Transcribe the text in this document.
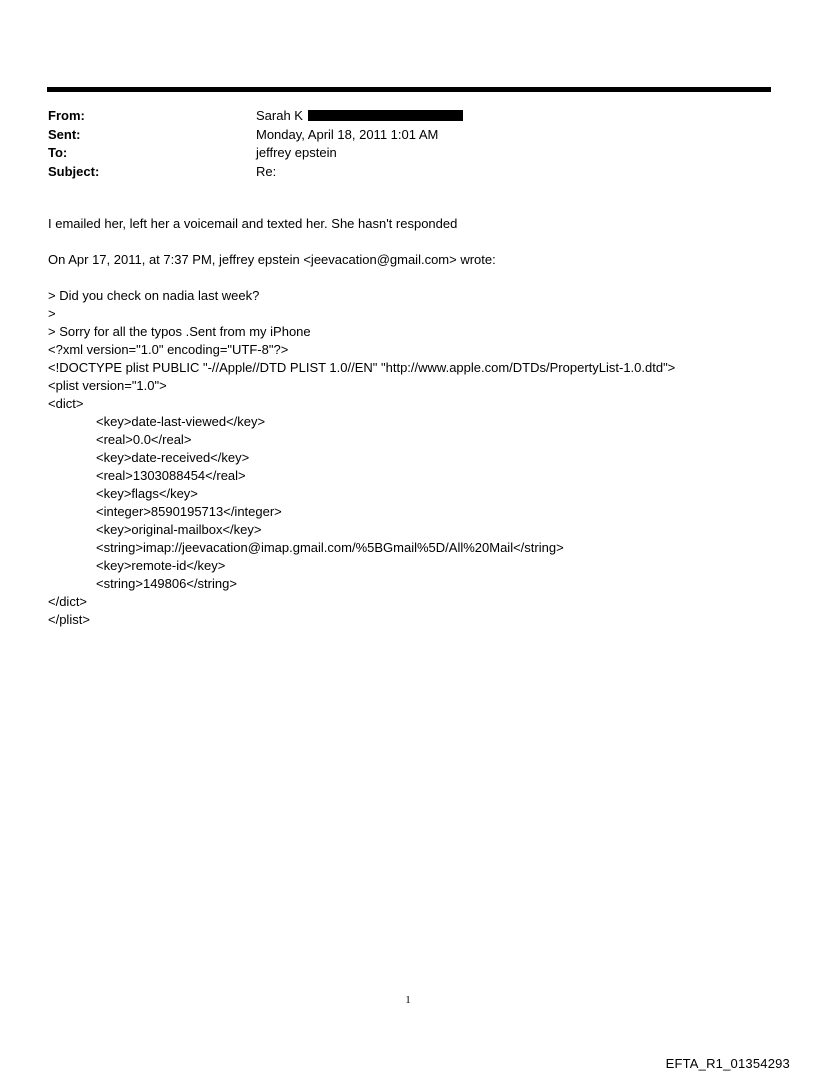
From:	Sarah K
Sent:	Monday, April 18, 2011 1:01 AM
To:	jeffrey epstein
Subject:	Re:
I emailed her, left her a voicemail and texted her. She hasn't responded
On Apr 17, 2011, at 7:37 PM, jeffrey epstein <jeevacation@gmail.com> wrote:
> Did you check on nadia last week?
>
> Sorry for all the typos .Sent from my iPhone
<?xml version="1.0" encoding="UTF-8"?>
<!DOCTYPE plist PUBLIC "-//Apple//DTD PLIST 1.0//EN" "http://www.apple.com/DTDs/PropertyList-1.0.dtd">
<plist version="1.0">
<dict>
<key>date-last-viewed</key>
<real>0.0</real>
<key>date-received</key>
<real>1303088454</real>
<key>flags</key>
<integer>8590195713</integer>
<key>original-mailbox</key>
<string>imap://jeevacation@imap.gmail.com/%5BGmail%5D/All%20Mail</string>
<key>remote-id</key>
<string>149806</string>
</dict>
</plist>
1
EFTA_R1_01354293
